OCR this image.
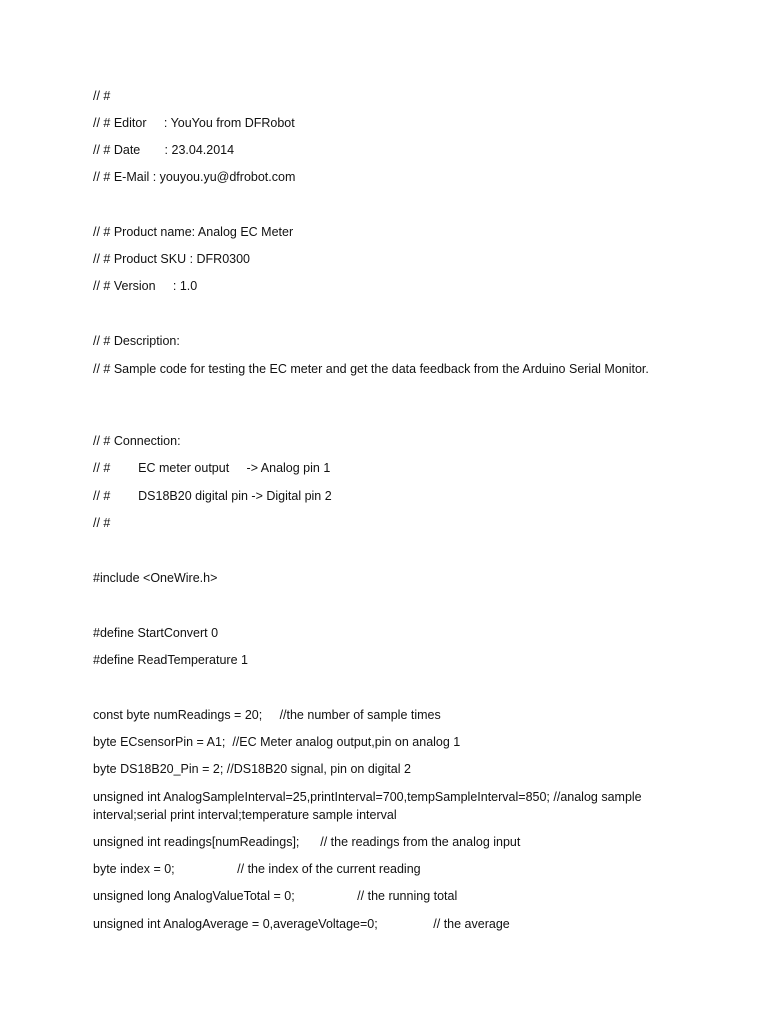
// #
// # Editor     : YouYou from DFRobot
// # Date       : 23.04.2014
// # E-Mail : youyou.yu@dfrobot.com
// # Product name: Analog EC Meter
// # Product SKU : DFR0300
// # Version     : 1.0
// # Description:
// # Sample code for testing the EC meter and get the data feedback from the Arduino Serial Monitor.
// # Connection:
// #        EC meter output     -> Analog pin 1
// #        DS18B20 digital pin -> Digital pin 2
// #
#include <OneWire.h>
#define StartConvert 0
#define ReadTemperature 1
const byte numReadings = 20;     //the number of sample times
byte ECsensorPin = A1;  //EC Meter analog output,pin on analog 1
byte DS18B20_Pin = 2; //DS18B20 signal, pin on digital 2
unsigned int AnalogSampleInterval=25,printInterval=700,tempSampleInterval=850; //analog sample interval;serial print interval;temperature sample interval
unsigned int readings[numReadings];      // the readings from the analog input
byte index = 0;                  // the index of the current reading
unsigned long AnalogValueTotal = 0;                  // the running total
unsigned int AnalogAverage = 0,averageVoltage=0;                // the average
